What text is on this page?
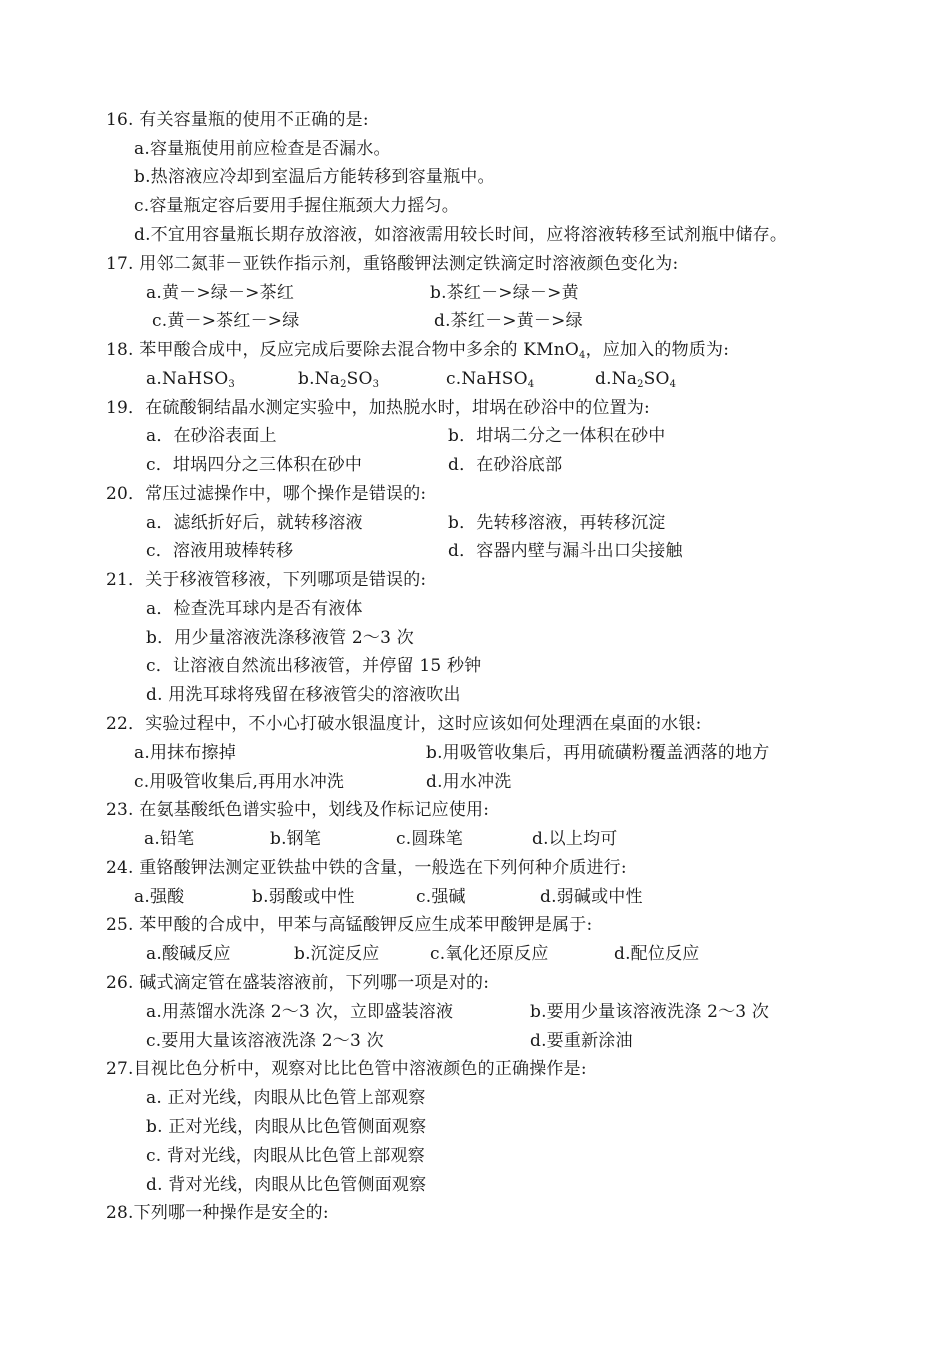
16. 有关容量瓶的使用不正确的是:
a.容量瓶使用前应检查是否漏水。
b.热溶液应冷却到室温后方能转移到容量瓶中。
c.容量瓶定容后要用手握住瓶颈大力摇匀。
d.不宜用容量瓶长期存放溶液，如溶液需用较长时间，应将溶液转移至试剂瓶中储存。
17. 用邻二氮菲－亚铁作指示剂，重铬酸钾法测定铁滴定时溶液颜色变化为:
a.黄－>绿－>茶红	b.茶红－>绿－>黄
c.黄－>茶红－>绿	d.茶红－>黄－>绿
18. 苯甲酸合成中，反应完成后要除去混合物中多余的 KMnO$_4$，应加入的物质为:
a.NaHSO$_3$	$b.Na_2SO_3$	c.NaHSO$_4$	$d.Na_2SO_4$
19．在硫酸铜结晶水测定实验中，加热脱水时，坩埚在砂浴中的位置为:
a．在砂浴表面上	b．坩埚二分之一体积在砂中
c．坩埚四分之三体积在砂中	d．在砂浴底部
20．常压过滤操作中，哪个操作是错误的:
a．滤纸折好后，就转移溶液	b．先转移溶液，再转移沉淀
c．溶液用玻棒转移	d．容器内壁与漏斗出口尖接触
21．关于移液管移液，下列哪项是错误的:
a．检查洗耳球内是否有液体
b．用少量溶液洗涤移液管 2～3 次
c．让溶液自然流出移液管，并停留 15 秒钟
d. 用洗耳球将残留在移液管尖的溶液吹出
22．实验过程中，不小心打破水银温度计，这时应该如何处理洒在桌面的水银:
a.用抹布擦掉	b.用吸管收集后，再用硫磺粉覆盖洒落的地方
c.用吸管收集后,再用水冲洗	d.用水冲洗
23. 在氨基酸纸色谱实验中，划线及作标记应使用:
a.铅笔	b.钢笔	c.圆珠笔	d.以上均可
24. 重铬酸钾法测定亚铁盐中铁的含量，一般选在下列何种介质进行:
a.强酸	b.弱酸或中性	c.强碱	d.弱碱或中性
25. 苯甲酸的合成中，甲苯与高锰酸钾反应生成苯甲酸钾是属于:
a.酸碱反应	b.沉淀反应	c.氧化还原反应	d.配位反应
26. 碱式滴定管在盛装溶液前，下列哪一项是对的:
a.用蒸馏水洗涤 2～3 次，立即盛装溶液	b.要用少量该溶液洗涤 2～3 次
c.要用大量该溶液洗涤 2～3 次	d.要重新涂油
27.目视比色分析中，观察对比比色管中溶液颜色的正确操作是:
a. 正对光线，肉眼从比色管上部观察
b. 正对光线，肉眼从比色管侧面观察
c. 背对光线，肉眼从比色管上部观察
d. 背对光线，肉眼从比色管侧面观察
28.下列哪一种操作是安全的:
